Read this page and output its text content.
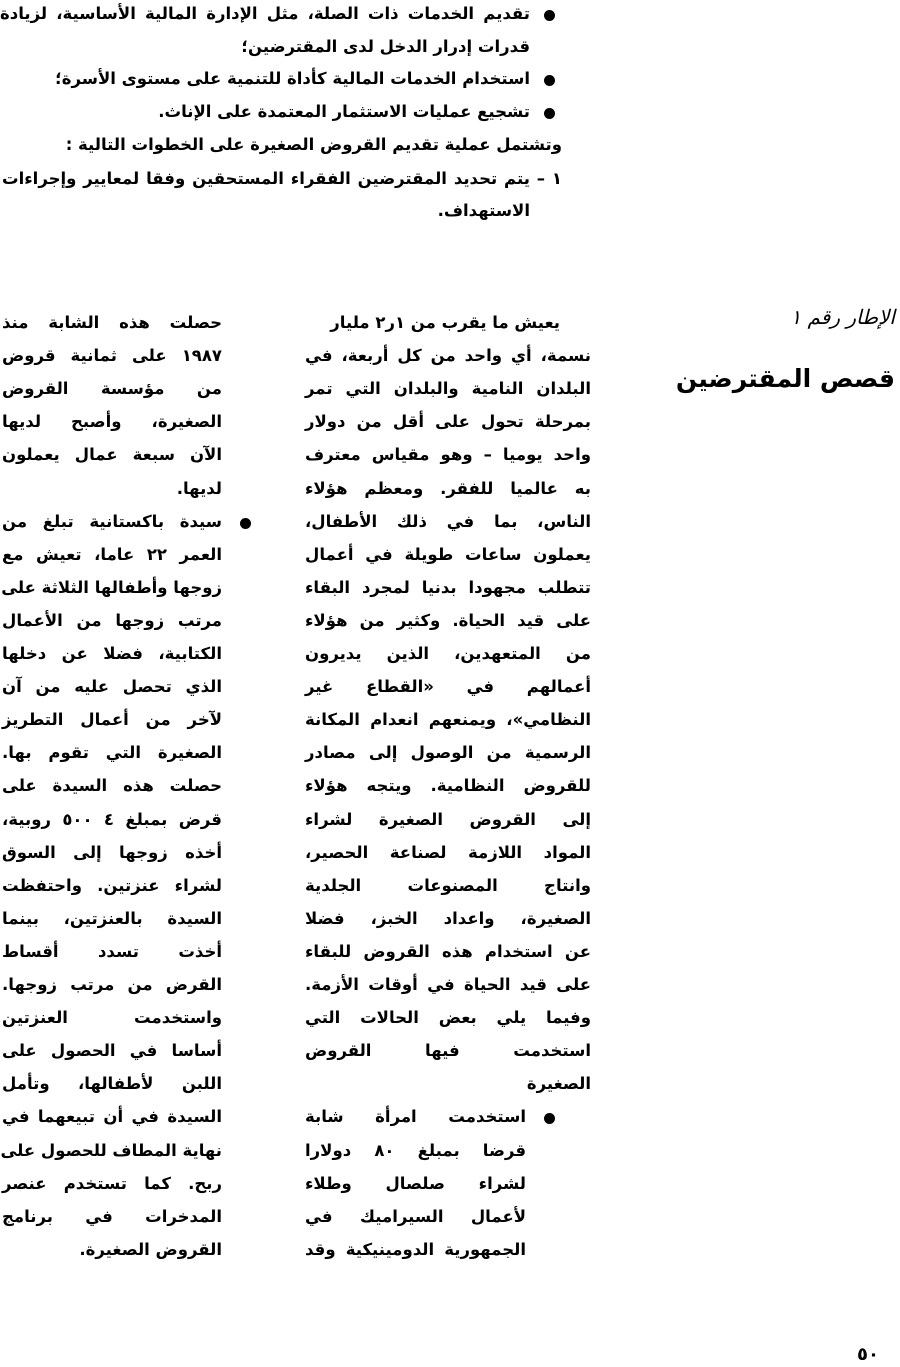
الإطار رقم ١
قصص المقترضين
٥٠
تقديم الخدمات ذات الصلة، مثل الإدارة المالية الأساسية، لزيادة
قدرات إدرار الدخل لدى المقترضين؛
استخدام الخدمات المالية كأداة للتنمية على مستوى الأسرة؛
تشجيع عمليات الاستثمار المعتمدة على الإناث.
وتشتمل عملية تقديم القروض الصغيرة على الخطوات التالية :
١ – يتم تحديد المقترضين الفقراء المستحقين وفقا لمعايير وإجراءات
الاستهداف.
يعيش ما يقرب من ١ر٢ مليار
نسمة، أي واحد من كل أربعة، في
البلدان النامية والبلدان التي تمر
بمرحلة تحول على أقل من دولار
واحد يوميا – وهو مقياس معترف
به عالميا للفقر. ومعظم هؤلاء
الناس، بما في ذلك الأطفال،
يعملون ساعات طويلة في أعمال
تتطلب مجهودا بدنيا لمجرد البقاء
على قيد الحياة. وكثير من هؤلاء
من المتعهدين، الذين يديرون
أعمالهم في «القطاع غير
النظامي»، ويمنعهم انعدام المكانة
الرسمية من الوصول إلى مصادر
للقروض النظامية. ويتجه هؤلاء
إلى القروض الصغيرة لشراء
المواد اللازمة لصناعة الحصير،
وانتاج المصنوعات الجلدية
الصغيرة، واعداد الخبز، فضلا
عن استخدام هذه القروض للبقاء
على قيد الحياة في أوقات الأزمة.
وفيما يلي بعض الحالات التي
استخدمت فيها القروض
الصغيرة
استخدمت امرأة شابة
قرضا بمبلغ ٨٠ دولارا
لشراء صلصال وطلاء
لأعمال السيراميك في
الجمهورية الدومينيكية وقد
حصلت هذه الشابة منذ
١٩٨٧ على ثمانية قروض
من مؤسسة القروض
الصغيرة، وأصبح لديها
الآن سبعة عمال يعملون
لديها.
سيدة باكستانية تبلغ من
العمر ٢٢ عاما، تعيش مع
زوجها وأطفالها الثلاثة على
مرتب زوجها من الأعمال
الكتابية، فضلا عن دخلها
الذي تحصل عليه من آن
لآخر من أعمال التطريز
الصغيرة التي تقوم بها.
حصلت هذه السيدة على
قرض بمبلغ ٤ ٥٠٠ روبية،
أخذه زوجها إلى السوق
لشراء عنزتين. واحتفظت
السيدة بالعنزتين، بينما
أخذت تسدد أقساط
القرض من مرتب زوجها.
واستخدمت العنزتين
أساسا في الحصول على
اللبن لأطفالها، وتأمل
السيدة في أن تبيعهما في
نهاية المطاف للحصول على
ربح. كما تستخدم عنصر
المدخرات في برنامج
القروض الصغيرة.
